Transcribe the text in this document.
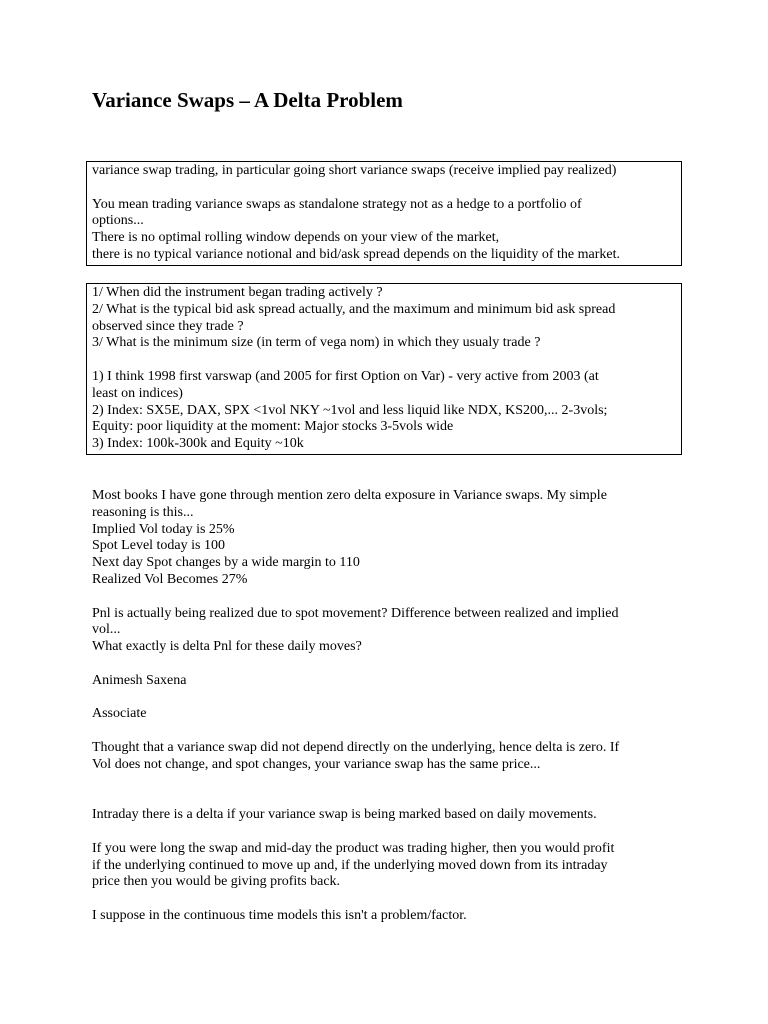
Variance Swaps – A Delta Problem

variance swap trading, in particular going short variance swaps (receive implied pay realized)

You mean trading variance swaps as standalone strategy not as a hedge to a portfolio of

options...

There is no optimal rolling window depends on your view of the market,

there is no typical variance notional and bid/ask spread depends on the liquidity of the market.

1/ When did the instrument began trading actively ?

2/ What is the typical bid ask spread actually, and the maximum and minimum bid ask spread

observed since they trade ?

3/ What is the minimum size (in term of vega nom) in which they usualy trade ?

1) I think 1998 first varswap (and 2005 for first Option on Var) - very active from 2003 (at

least on indices)

2) Index: SX5E, DAX, SPX <1vol NKY ~1vol and less liquid like NDX, KS200,... 2-3vols;

Equity: poor liquidity at the moment: Major stocks 3-5vols wide

3) Index: 100k-300k and Equity ~10k

Most books I have gone through mention zero delta exposure in Variance swaps. My simple

reasoning is this...

Implied Vol today is 25%

Spot Level today is 100

Next day Spot changes by a wide margin to 110

Realized Vol Becomes 27%

Pnl is actually being realized due to spot movement? Difference between realized and implied

vol...

What exactly is delta Pnl for these daily moves?

Animesh Saxena

Associate

Thought that a variance swap did not depend directly on the underlying, hence delta is zero. If

Vol does not change, and spot changes, your variance swap has the same price...

Intraday there is a delta if your variance swap is being marked based on daily movements.

If you were long the swap and mid-day the product was trading higher, then you would profit

if the underlying continued to move up and, if the underlying moved down from its intraday

price then you would be giving profits back.

I suppose in the continuous time models this isn't a problem/factor.
